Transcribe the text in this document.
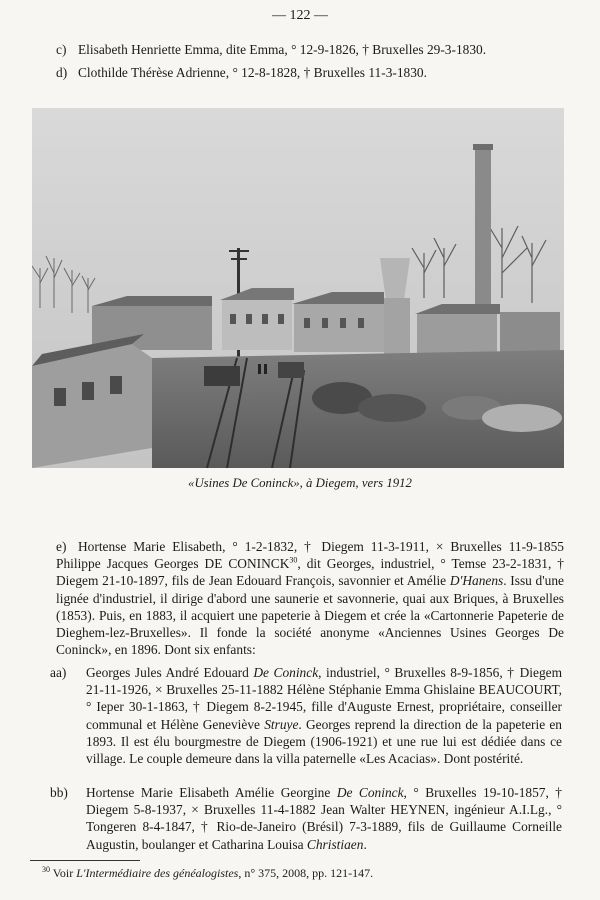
— 122 —
c) Elisabeth Henriette Emma, dite Emma, ° 12-9-1826, † Bruxelles 29-3-1830.
d) Clothilde Thérèse Adrienne, ° 12-8-1828, † Bruxelles 11-3-1830.
«Usines De Coninck», à Diegem, vers 1912
e) Hortense Marie Elisabeth, ° 1-2-1832, † Diegem 11-3-1911, × Bruxelles 11-9-1855 Philippe Jacques Georges DE CONINCK$^{30}$, dit Georges, industriel, ° Temse 23-2-1831, † Diegem 21-10-1897, fils de Jean Edouard François, savonnier et Amélie D'Hanens. Issu d'une lignée d'industriel, il dirige d'abord une saunerie et savonnerie, quai aux Briques, à Bruxelles (1853). Puis, en 1883, il acquiert une papeterie à Diegem et crée la «Cartonnerie Papeterie de Dieghem-lez-Bruxelles». Il fonde la société anonyme «Anciennes Usines Georges De Coninck», en 1896. Dont six enfants:
aa) Georges Jules André Edouard De Coninck, industriel, ° Bruxelles 8-9-1856, † Diegem 21-11-1926, × Bruxelles 25-11-1882 Hélène Stéphanie Emma Ghislaine BEAUCOURT, ° Ieper 30-1-1863, † Diegem 8-2-1945, fille d'Auguste Ernest, propriétaire, conseiller communal et Hélène Geneviève Struye. Georges reprend la direction de la papeterie en 1893. Il est élu bourgmestre de Diegem (1906-1921) et une rue lui est dédiée dans ce village. Le couple demeure dans la villa paternelle «Les Acacias». Dont postérité.
bb) Hortense Marie Elisabeth Amélie Georgine De Coninck, ° Bruxelles 19-10-1857, † Diegem 5-8-1937, × Bruxelles 11-4-1882 Jean Walter HEYNEN, ingénieur A.I.Lg., ° Tongeren 8-4-1847, † Rio-de-Janeiro (Brésil) 7-3-1889, fils de Guillaume Corneille Augustin, boulanger et Catharina Louisa Christiaen.
$^{30}$ Voir L'Intermédiaire des généalogistes, n° 375, 2008, pp. 121-147.
